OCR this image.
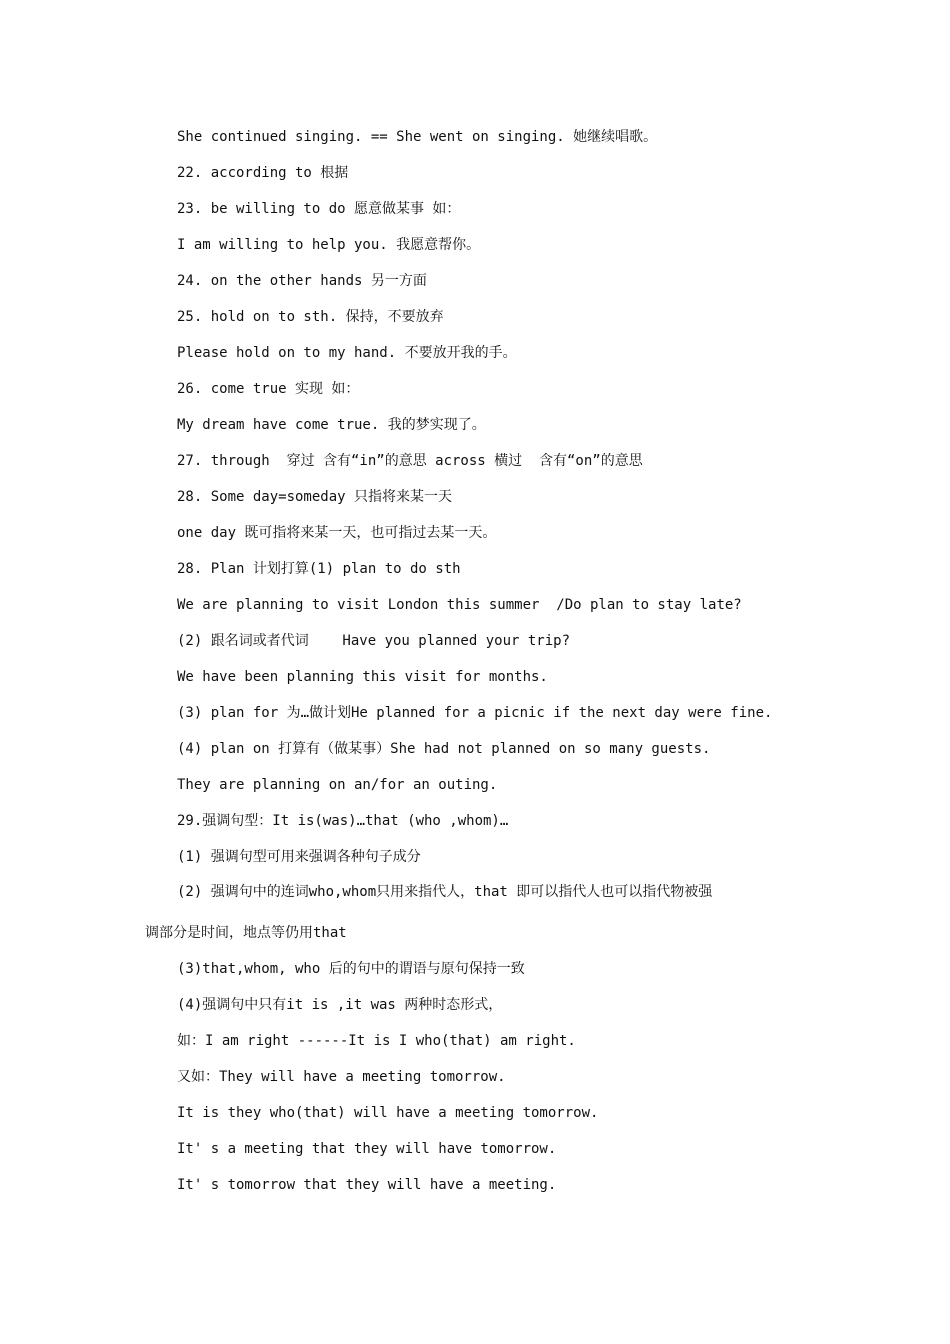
She continued singing. == She went on singing. 她继续唱歌。
22. according to 根据
23. be willing to do 愿意做某事 如：
I am willing to help you. 我愿意帮你。
24. on the other hands 另一方面
25. hold on to sth. 保持，不要放弃
Please hold on to my hand. 不要放开我的手。
26. come true 实现 如：
My dream have come true. 我的梦实现了。
27. through  穿过 含有“in”的意思 across 横过  含有“on”的意思
28. Some day=someday 只指将来某一天
one day 既可指将来某一天，也可指过去某一天。
28. Plan 计划打算(1) plan to do sth
We are planning to visit London this summer  /Do plan to stay late?
(2) 跟名词或者代词    Have you planned your trip?
We have been planning this visit for months.
(3) plan for 为…做计划He planned for a picnic if the next day were fine.
(4) plan on 打算有（做某事）She had not planned on so many guests.
They are planning on an/for an outing.
29.强调句型：It is(was)…that (who ,whom)…
(1) 强调句型可用来强调各种句子成分
(2) 强调句中的连词who,whom只用来指代人，that 即可以指代人也可以指代物被强
调部分是时间，地点等仍用that
(3)that,whom, who 后的句中的谓语与原句保持一致
(4)强调句中只有it is ,it was 两种时态形式，
如：I am right ------It is I who(that) am right.
又如：They will have a meeting tomorrow.
It is they who(that) will have a meeting tomorrow.
It' s a meeting that they will have tomorrow.
It' s tomorrow that they will have a meeting.
